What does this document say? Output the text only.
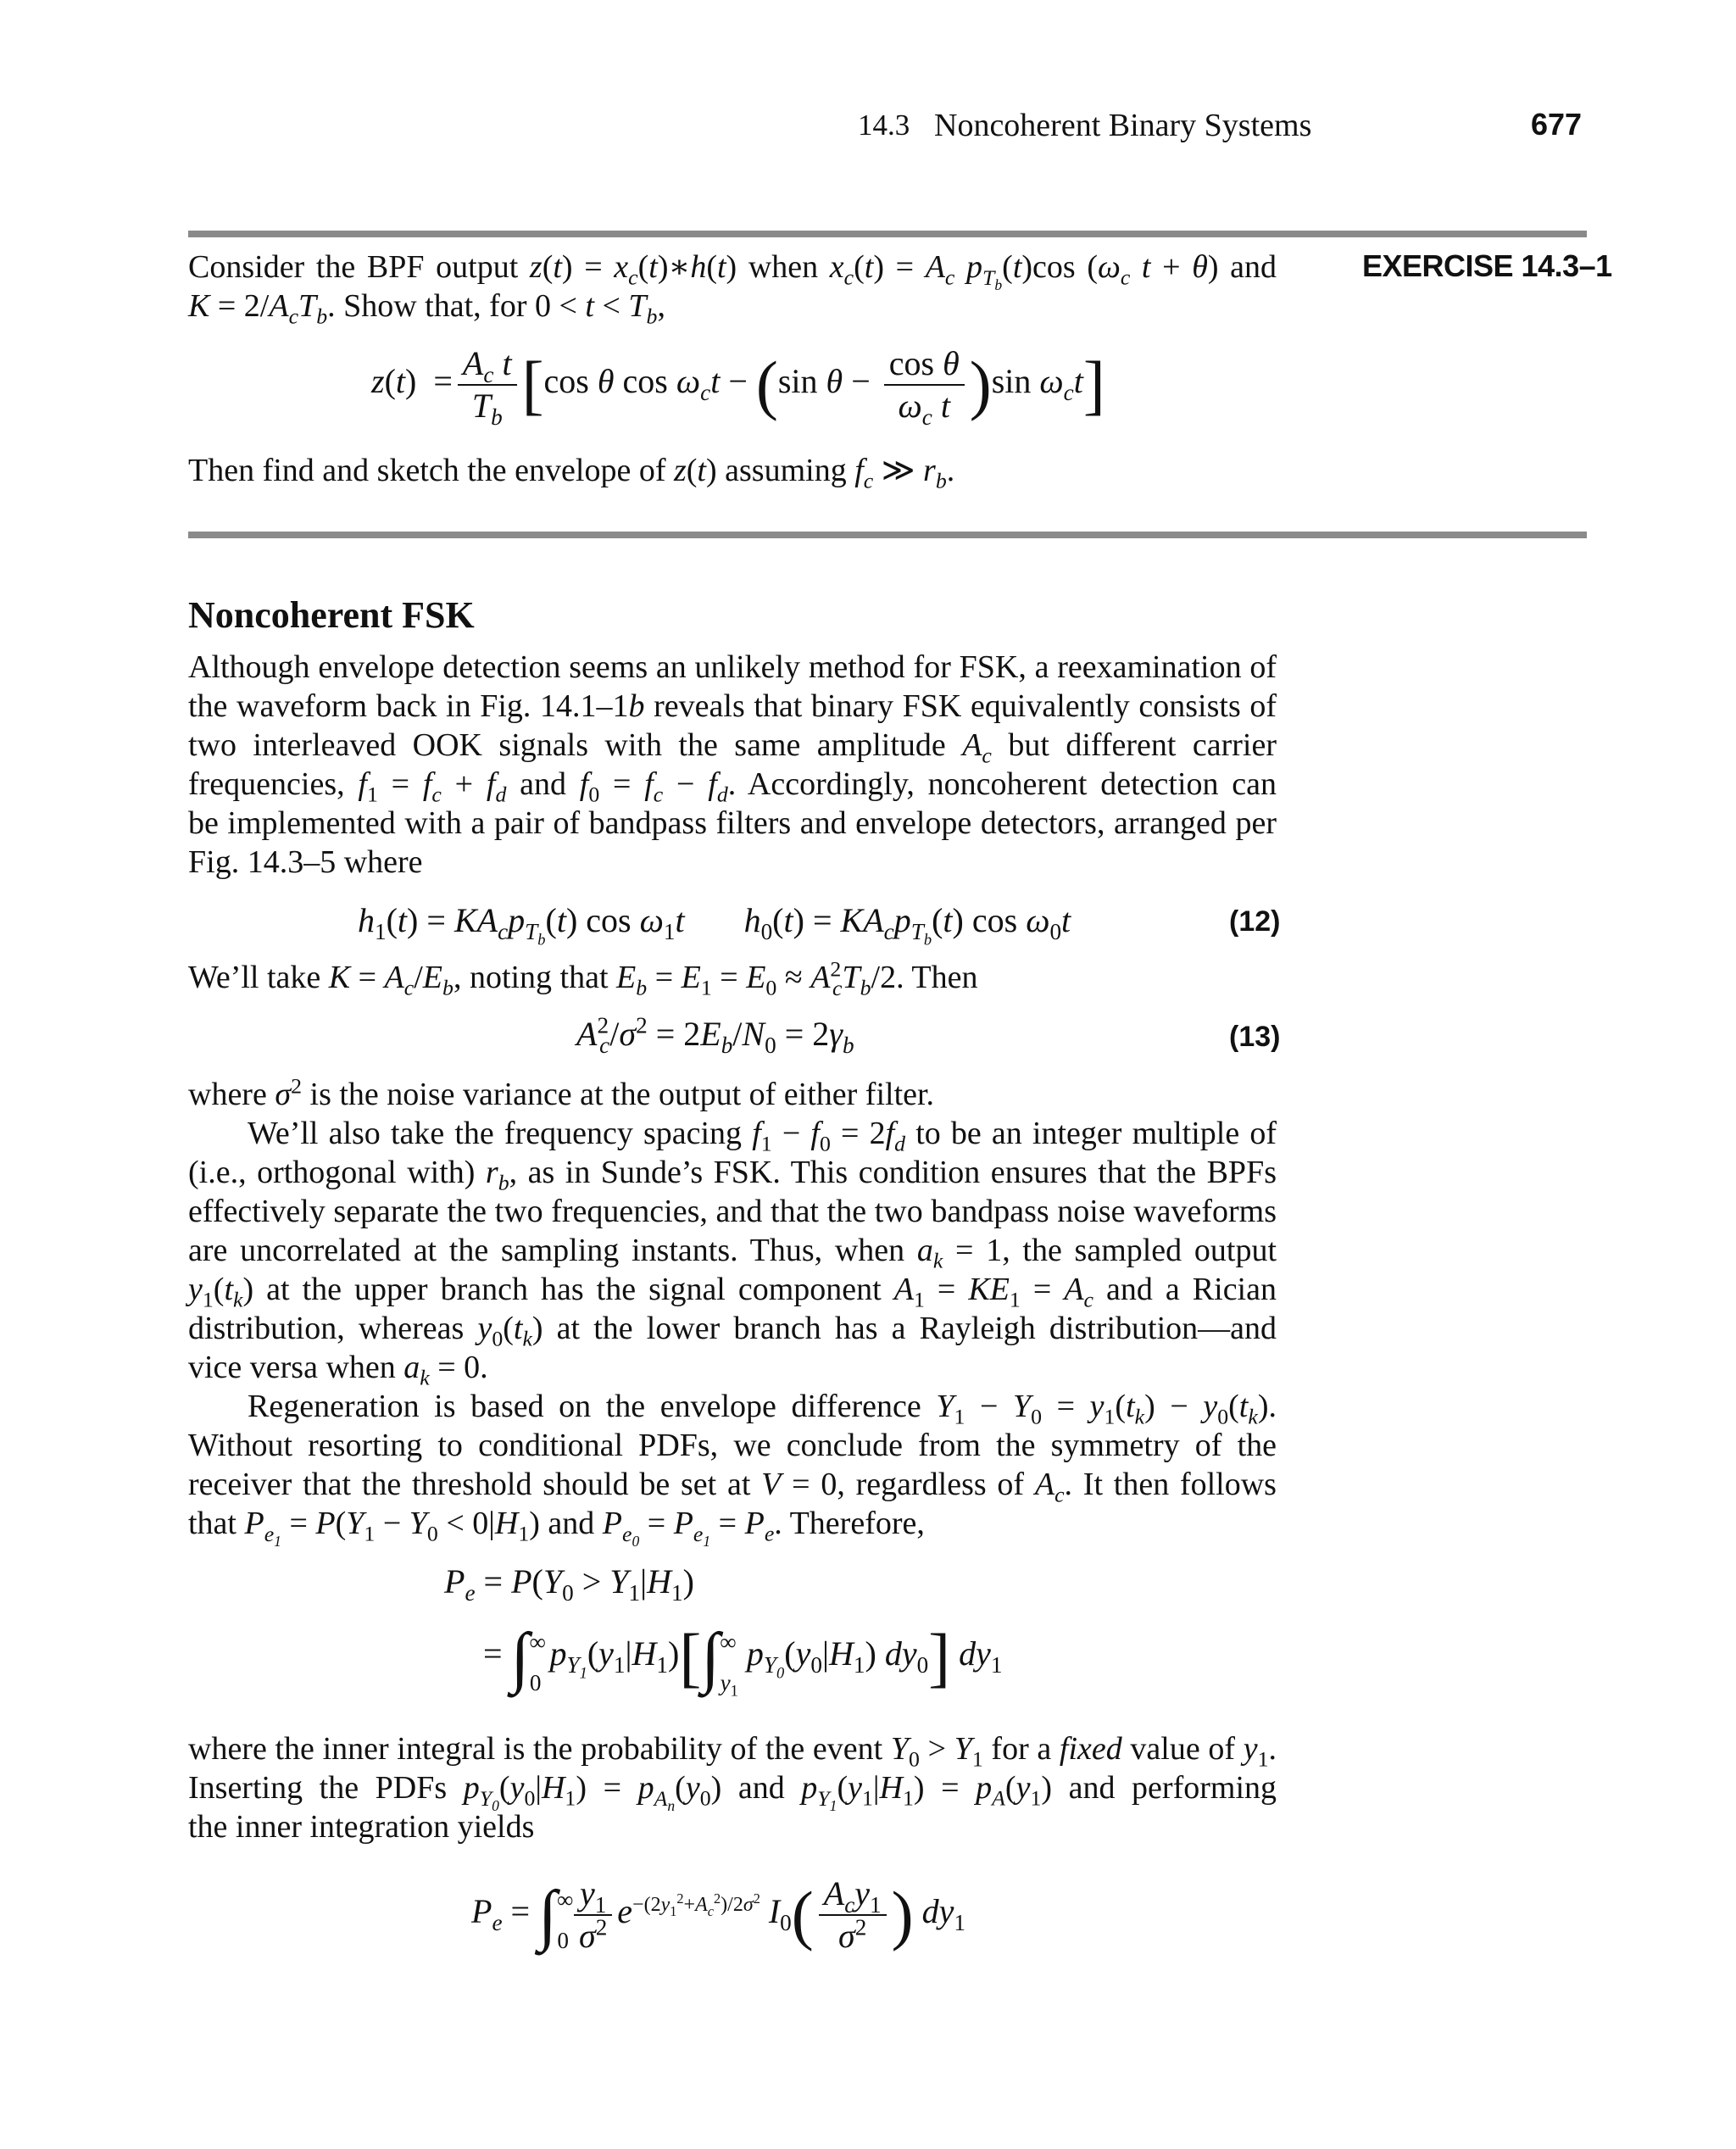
14.3 Noncoherent Binary Systems	677
EXERCISE 14.3–1
Consider the BPF output $z(t) = x_c(t)∗h(t)$ when $x_c(t) = A_c$ $p_{T_b}(t)\cos$ ($\omega_c$ t + θ) and
$K = 2/A_cT_b$. Show that, for $0 < t < T_b$,
$z(t) = \frac{A_c t}{T_b} [\cos$ θ $\cos \omega_ct - (\sin$ $\theta - \frac{\text{cos θ}}{\omega_c t} )\sin$ $\omega_ct$]
Then find and sketch the envelope of z(t) assuming $f_c$ ≫ $r_b$.
Noncoherent FSK
Although envelope detection seems an unlikely method for FSK, a reexamination of
the waveform back in Fig. 14.1–1b reveals that binary FSK equivalently consists of
two interleaved OOK signals with the same amplitude $A_c$ but different carrier
frequencies, $f_1 = f_c + f_d$ and $f_0 = f_c - f_d$. Accordingly, noncoherent detection can
be implemented with a pair of bandpass filters and envelope detectors, arranged per
Fig. 14.3–5 where
$h_1(t) = KA_cp_{T_b}(t)$ $\cos \omega_1t$ $h_0(t) = KA_cp_{T_b}(t)$ $\cos \omega_0t$	(12)
We’ll take $K = A_c/E_b$, noting that $E_b = E_1 = E_0 \approx A^2_cT_b/2$. Then
$A^2_c/\sigma^2 = 2E_b/N_0 = 2\gamma_b$	(13)
where $\sigma^2$ is the noise variance at the output of either filter.
We’ll also take the frequency spacing $f_1 - f_0 = 2f_d$ to be an integer multiple of
(i.e., orthogonal with) $r_b$, as in Sunde’s FSK. This condition ensures that the BPFs
effectively separate the two frequencies, and that the two bandpass noise waveforms
are uncorrelated at the sampling instants. Thus, when $a_k = 1$, the sampled output
$y_1(t_k)$ at the upper branch has the signal component $A_1 = KE_1 = A_c$ and a Rician
distribution, whereas $y_0(t_k)$ at the lower branch has a Rayleigh distribution—and
vice versa when $a_k = 0$.
Regeneration is based on the envelope difference $Y_1 - Y_0 = y_1(t_k) - y_0(t_k)$.
Without resorting to conditional PDFs, we conclude from the symmetry of the
receiver that the threshold should be set at V = 0, regardless of $A_c$. It then follows
that $P_{e_1} = P(Y_1 - Y_0 < 0|H_1)$ and $P_{e_0} = P_{e_1} = P_e$. Therefore,
$P_e = P(Y_0 > Y_1|H_1)$
= $\int^\infty_0$ $p_{Y_1}(y_1|H_1)[\int^\infty_{y_1}$ $p_{Y_0}(y_0|H_1)$ $dy_0$] $dy_1$
where the inner integral is the probability of the event $Y_0 > Y_1$ for a fixed value of $y_1$.
Inserting the PDFs $p_{Y_0}(y_0|H_1) = p_{A_n}(y_0)$ and $p_{Y_1}(y_1|H_1) = p_A(y_1)$ and performing
the inner integration yields
$P_e = \int^\infty_0 \frac{y_1}{\sigma^2} e^{-(2y_1^2+A_c^2)/2\sigma^2}$ $I_0( \frac{A_cy_1}{\sigma^2}$ ) $dy_1$
